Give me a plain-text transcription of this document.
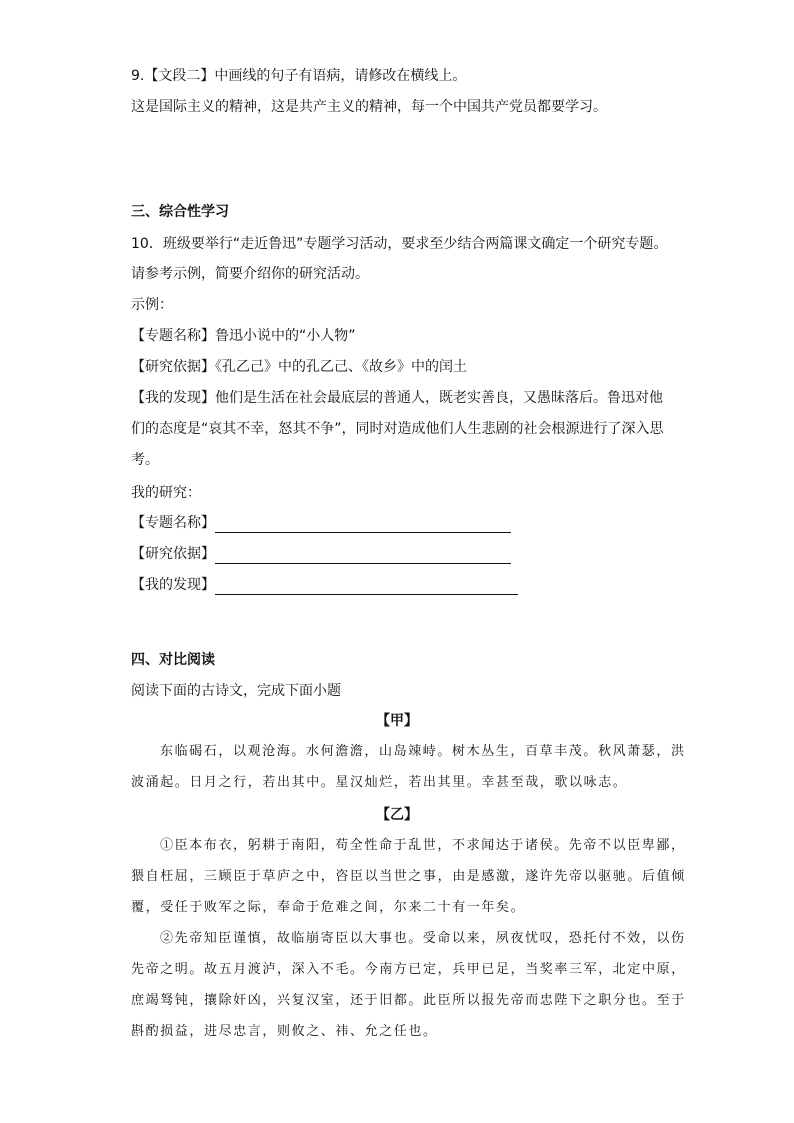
9.【文段二】中画线的句子有语病，请修改在横线上。
这是国际主义的精神，这是共产主义的精神，每一个中国共产党员都要学习。
三、综合性学习
10．班级要举行“走近鲁迅”专题学习活动，要求至少结合两篇课文确定一个研究专题。
请参考示例，简要介绍你的研究活动。
示例：
【专题名称】鲁迅小说中的“小人物”
【研究依据】《孔乙己》中的孔乙己、《故乡》中的闰土
【我的发现】他们是生活在社会最底层的普通人，既老实善良，又愚昧落后。鲁迅对他
们的态度是“哀其不幸，怒其不争”，同时对造成他们人生悲剧的社会根源进行了深入思
考。
我的研究：
【专题名称】
【研究依据】
【我的发现】
四、对比阅读
阅读下面的古诗文，完成下面小题
【甲】
东临碣石，以观沧海。水何澹澹，山岛竦峙。树木丛生，百草丰茂。秋风萧瑟，洪
波涌起。日月之行，若出其中。星汉灿烂，若出其里。幸甚至哉，歌以咏志。
【乙】
①臣本布衣，躬耕于南阳，苟全性命于乱世，不求闻达于诸侯。先帝不以臣卑鄙，
猥自枉屈，三顾臣于草庐之中，咨臣以当世之事，由是感激，遂许先帝以驱驰。后值倾
覆，受任于败军之际，奉命于危难之间，尔来二十有一年矣。
②先帝知臣谨慎，故临崩寄臣以大事也。受命以来，夙夜忧叹，恐托付不效，以伤
先帝之明。故五月渡泸，深入不毛。今南方已定，兵甲已足，当奖率三军，北定中原，
庶竭驽钝，攘除奸凶，兴复汉室，还于旧都。此臣所以报先帝而忠陛下之职分也。至于
斟酌损益，进尽忠言，则攸之、祎、允之任也。
